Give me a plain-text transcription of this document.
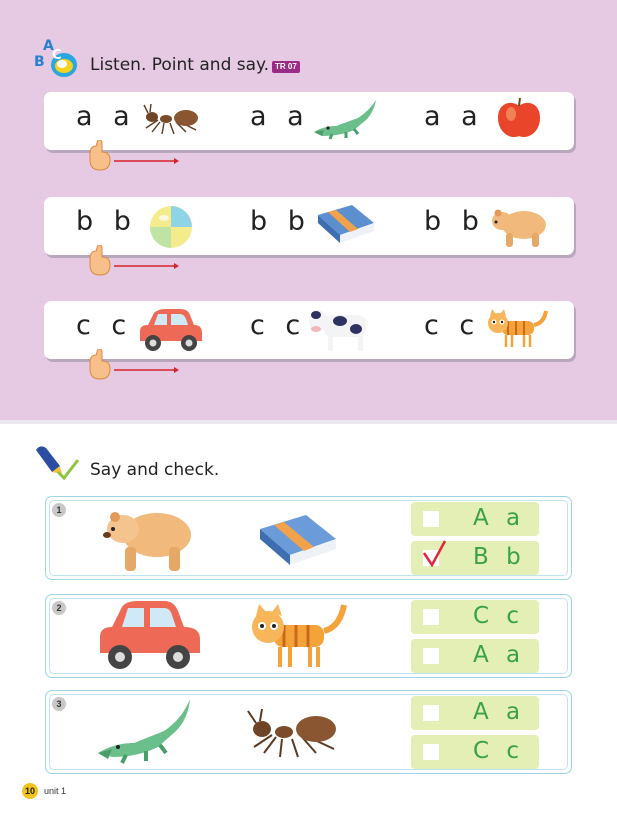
A
B C Listen. Point and say. TR 07
a a	a a	a a
b b	b b	b b
c c	c c	c c
Say and check.
1	A a
B b
2	C c
A a
3	A a
C c
10	unit 1
